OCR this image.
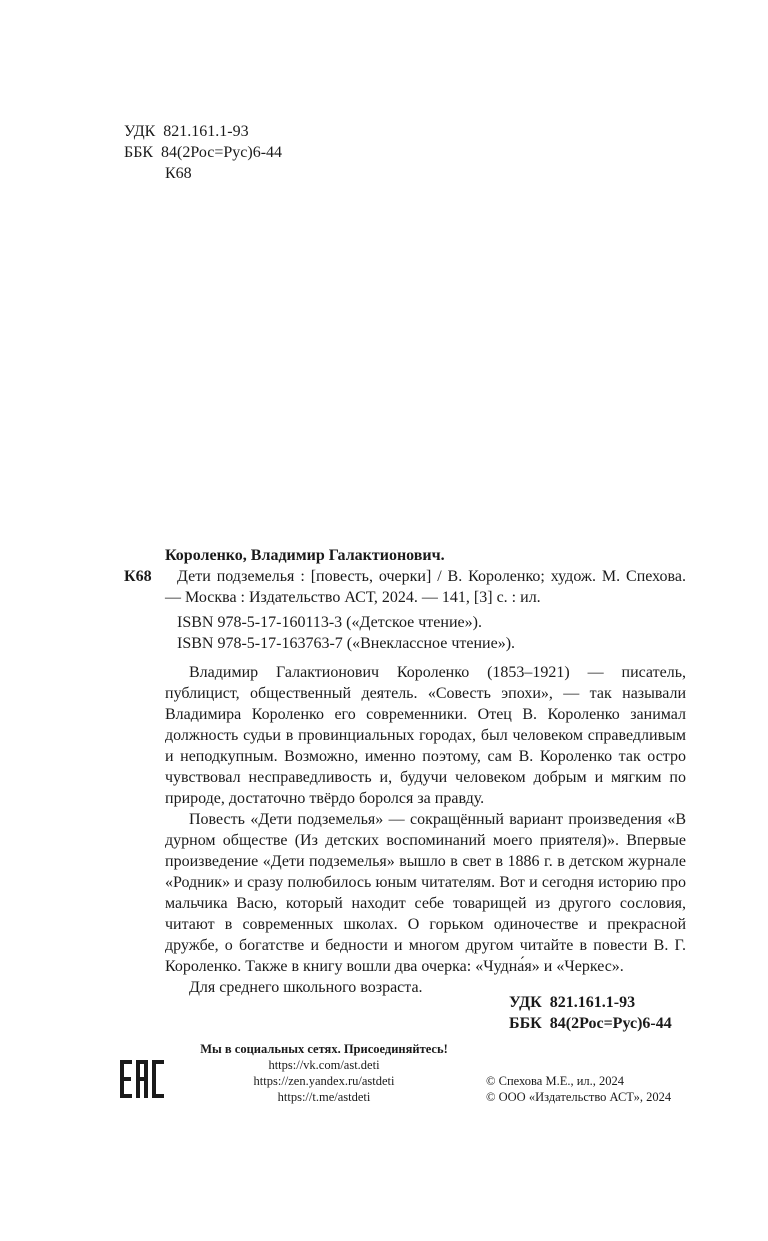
УДК  821.161.1-93
ББК  84(2Рос=Рус)6-44
К68
Короленко, Владимир Галактионович.
К68	Дети подземелья : [повесть, очерки] / В. Короленко; худож. М. Спехова. — Москва : Издательство АСТ, 2024. — 141, [3] с. : ил.
ISBN 978-5-17-160113-3 («Детское чтение»).
ISBN 978-5-17-163763-7 («Внеклассное чтение»).
Владимир Галактионович Короленко (1853–1921) — писатель, публицист, общественный деятель. «Совесть эпохи», — так называли Владимира Короленко его современники. Отец В. Короленко занимал должность судьи в провинциальных городах, был человеком справедливым и неподкупным. Возможно, именно поэтому, сам В. Короленко так остро чувствовал несправедливость и, будучи человеком добрым и мягким по природе, достаточно твёрдо боролся за правду.
Повесть «Дети подземелья» — сокращённый вариант произведения «В дурном обществе (Из детских воспоминаний моего приятеля)». Впервые произведение «Дети подземелья» вышло в свет в 1886 г. в детском журнале «Родник» и сразу полюбилось юным читателям. Вот и сегодня историю про мальчика Васю, который находит себе товарищей из другого сословия, читают в современных школах. О горьком одиночестве и прекрасной дружбе, о богатстве и бедности и многом другом читайте в повести В. Г. Короленко. Также в книгу вошли два очерка: «Чудна́я» и «Черкес».
Для среднего школьного возраста.
УДК  821.161.1-93
ББК  84(2Рос=Рус)6-44
Мы в социальных сетях. Присоединяйтесь!
https://vk.com/ast.deti
https://zen.yandex.ru/astdeti
https://t.me/astdeti
© Спехова М.Е., ил., 2024
© ООО «Издательство АСТ», 2024
